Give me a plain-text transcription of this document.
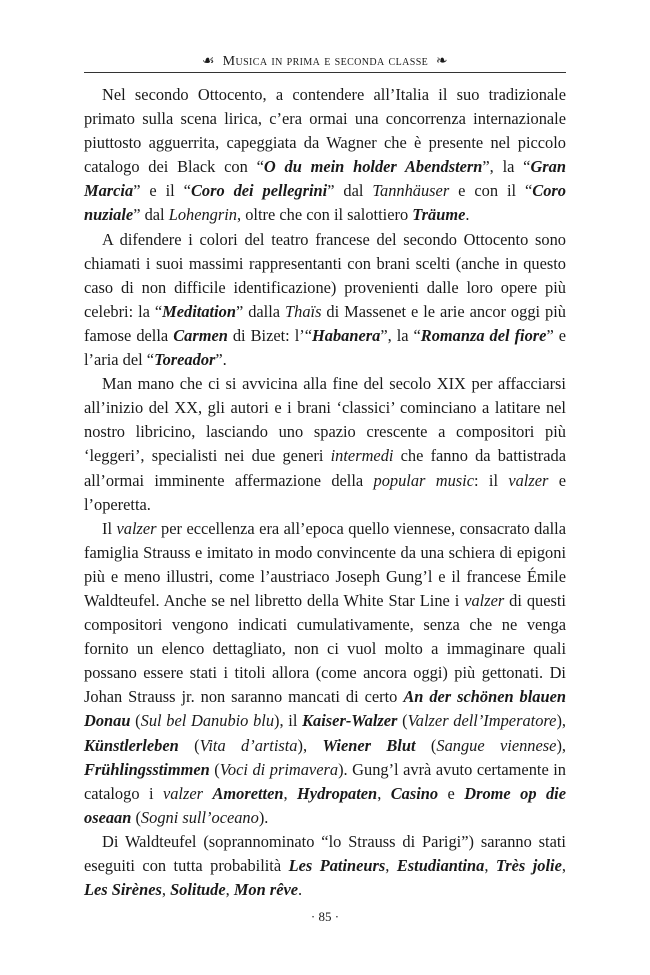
☙ Musica in prima e seconda classe ❧

Nel secondo Ottocento, a contendere all’Italia il suo tradizionale primato sulla scena lirica, c’era ormai una concorrenza internazionale piuttosto agguerrita, capeggiata da Wagner che è presente nel piccolo catalogo dei Black con “O du mein holder Abendstern”, la “Gran Marcia” e il “Coro dei pellegrini” dal Tannhäuser e con il “Coro nuziale” dal Lohengrin, oltre che con il salottiero Träume.

A difendere i colori del teatro francese del secondo Ottocento sono chiamati i suoi massimi rappresentanti con brani scelti (anche in questo caso di non difficile identificazione) provenienti dalle loro opere più celebri: la “Meditation” dalla Thaïs di Massenet e le arie ancor oggi più famose della Carmen di Bizet: l’“Habanera”, la “Romanza del fiore” e l’aria del “Toreador”.

Man mano che ci si avvicina alla fine del secolo XIX per affacciarsi all’inizio del XX, gli autori e i brani ‘classici’ cominciano a latitare nel nostro libricino, lasciando uno spazio crescente a compositori più ‘leggeri’, specialisti nei due generi intermedi che fanno da battistrada all’ormai imminente affermazione della popular music: il valzer e l’operetta.

Il valzer per eccellenza era all’epoca quello viennese, consacrato dalla famiglia Strauss e imitato in modo convincente da una schiera di epigoni più e meno illustri, come l’austriaco Joseph Gung’l e il francese Émile Waldteufel. Anche se nel libretto della White Star Line i valzer di questi compositori vengono indicati cumulativamente, senza che ne venga fornito un elenco dettagliato, non ci vuol molto a immaginare quali possano essere stati i titoli allora (come ancora oggi) più gettonati. Di Johan Strauss jr. non saranno mancati di certo An der schönen blauen Donau (Sul bel Danubio blu), il Kaiser-Walzer (Valzer dell’Imperatore), Künstlerleben (Vita d’artista), Wiener Blut (Sangue viennese), Frühlingsstimmen (Voci di primavera). Gung’l avrà avuto certamente in catalogo i valzer Amoretten, Hydropaten, Casino e Drome op die oseaan (Sogni sull’oceano).

Di Waldteufel (soprannominato “lo Strauss di Parigi”) saranno stati eseguiti con tutta probabilità Les Patineurs, Estudiantina, Très jolie, Les Sirènes, Solitude, Mon rêve.

· 85 ·
